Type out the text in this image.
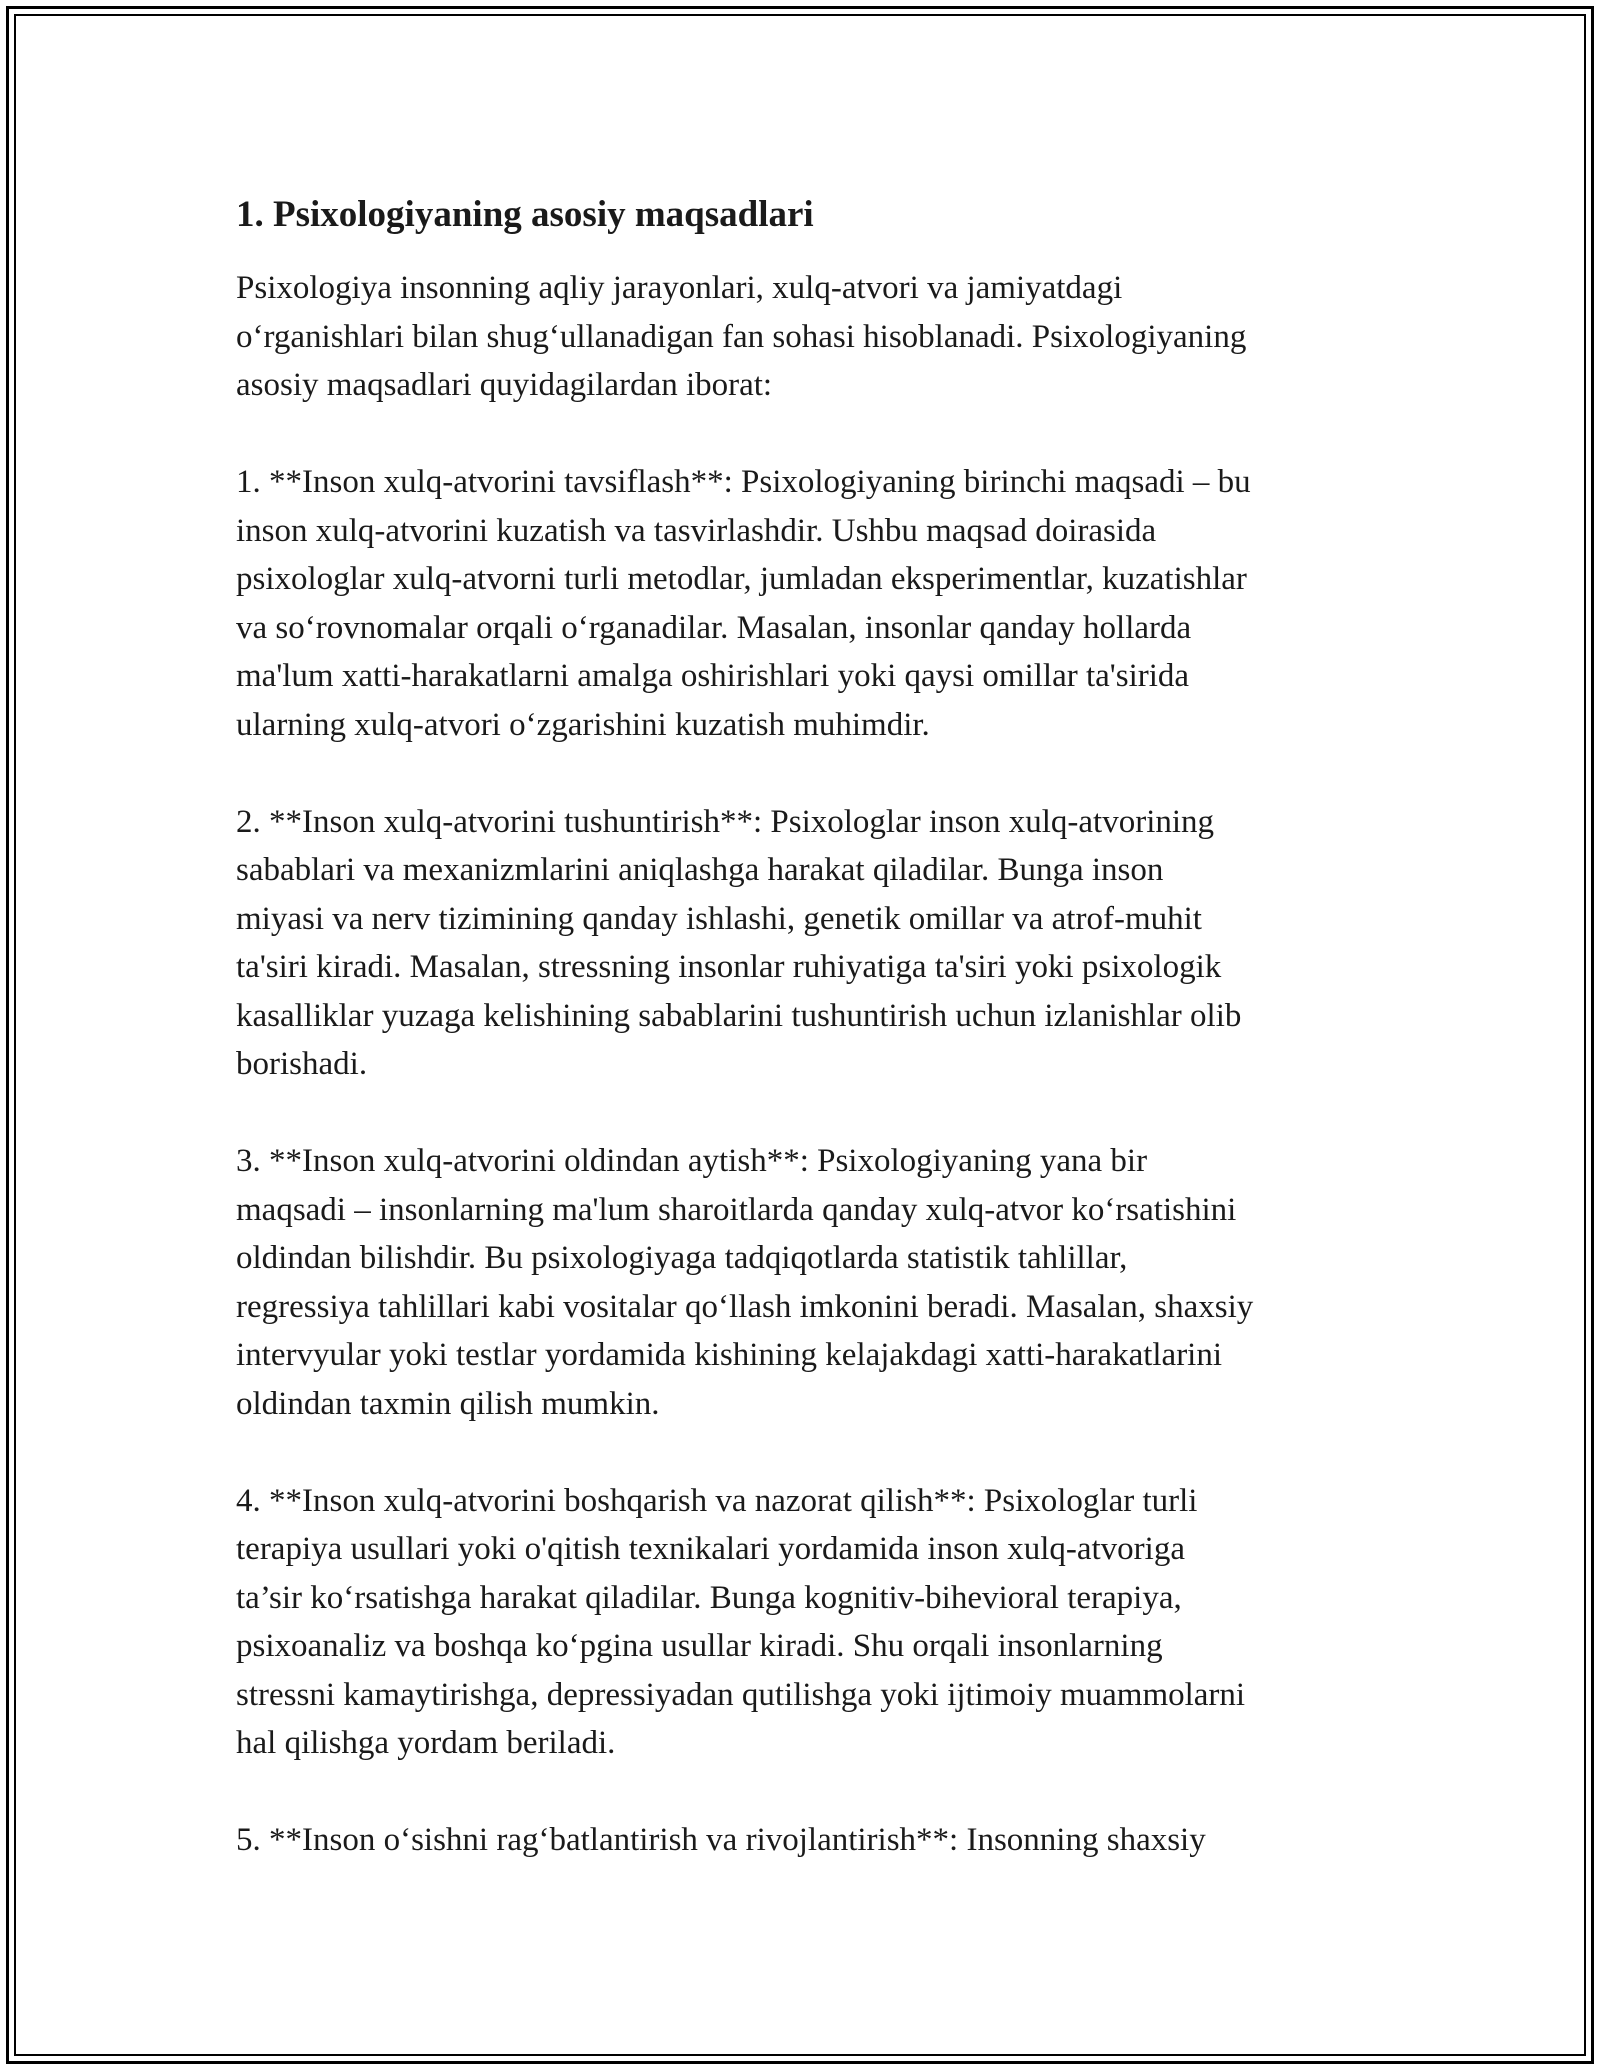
1. Psixologiyaning asosiy maqsadlari

Psixologiya insonning aqliy jarayonlari, xulq-atvori va jamiyatdagi
o‘rganishlari bilan shug‘ullanadigan fan sohasi hisoblanadi. Psixologiyaning
asosiy maqsadlari quyidagilardan iborat:

1. **Inson xulq-atvorini tavsiflash**: Psixologiyaning birinchi maqsadi – bu
inson xulq-atvorini kuzatish va tasvirlashdir. Ushbu maqsad doirasida
psixologlar xulq-atvorni turli metodlar, jumladan eksperimentlar, kuzatishlar
va so‘rovnomalar orqali o‘rganadilar. Masalan, insonlar qanday hollarda
ma'lum xatti-harakatlarni amalga oshirishlari yoki qaysi omillar ta'sirida
ularning xulq-atvori o‘zgarishini kuzatish muhimdir.

2. **Inson xulq-atvorini tushuntirish**: Psixologlar inson xulq-atvorining
sabablari va mexanizmlarini aniqlashga harakat qiladilar. Bunga inson
miyasi va nerv tizimining qanday ishlashi, genetik omillar va atrof-muhit
ta'siri kiradi. Masalan, stressning insonlar ruhiyatiga ta'siri yoki psixologik
kasalliklar yuzaga kelishining sabablarini tushuntirish uchun izlanishlar olib
borishadi.

3. **Inson xulq-atvorini oldindan aytish**: Psixologiyaning yana bir
maqsadi – insonlarning ma'lum sharoitlarda qanday xulq-atvor ko‘rsatishini
oldindan bilishdir. Bu psixologiyaga tadqiqotlarda statistik tahlillar,
regressiya tahlillari kabi vositalar qo‘llash imkonini beradi. Masalan, shaxsiy
intervyular yoki testlar yordamida kishining kelajakdagi xatti-harakatlarini
oldindan taxmin qilish mumkin.

4. **Inson xulq-atvorini boshqarish va nazorat qilish**: Psixologlar turli
terapiya usullari yoki o'qitish texnikalari yordamida inson xulq-atvoriga
ta’sir ko‘rsatishga harakat qiladilar. Bunga kognitiv-bihevioral terapiya,
psixoanaliz va boshqa ko‘pgina usullar kiradi. Shu orqali insonlarning
stressni kamaytirishga, depressiyadan qutilishga yoki ijtimoiy muammolarni
hal qilishga yordam beriladi.

5. **Inson o‘sishni rag‘batlantirish va rivojlantirish**: Insonning shaxsiy
